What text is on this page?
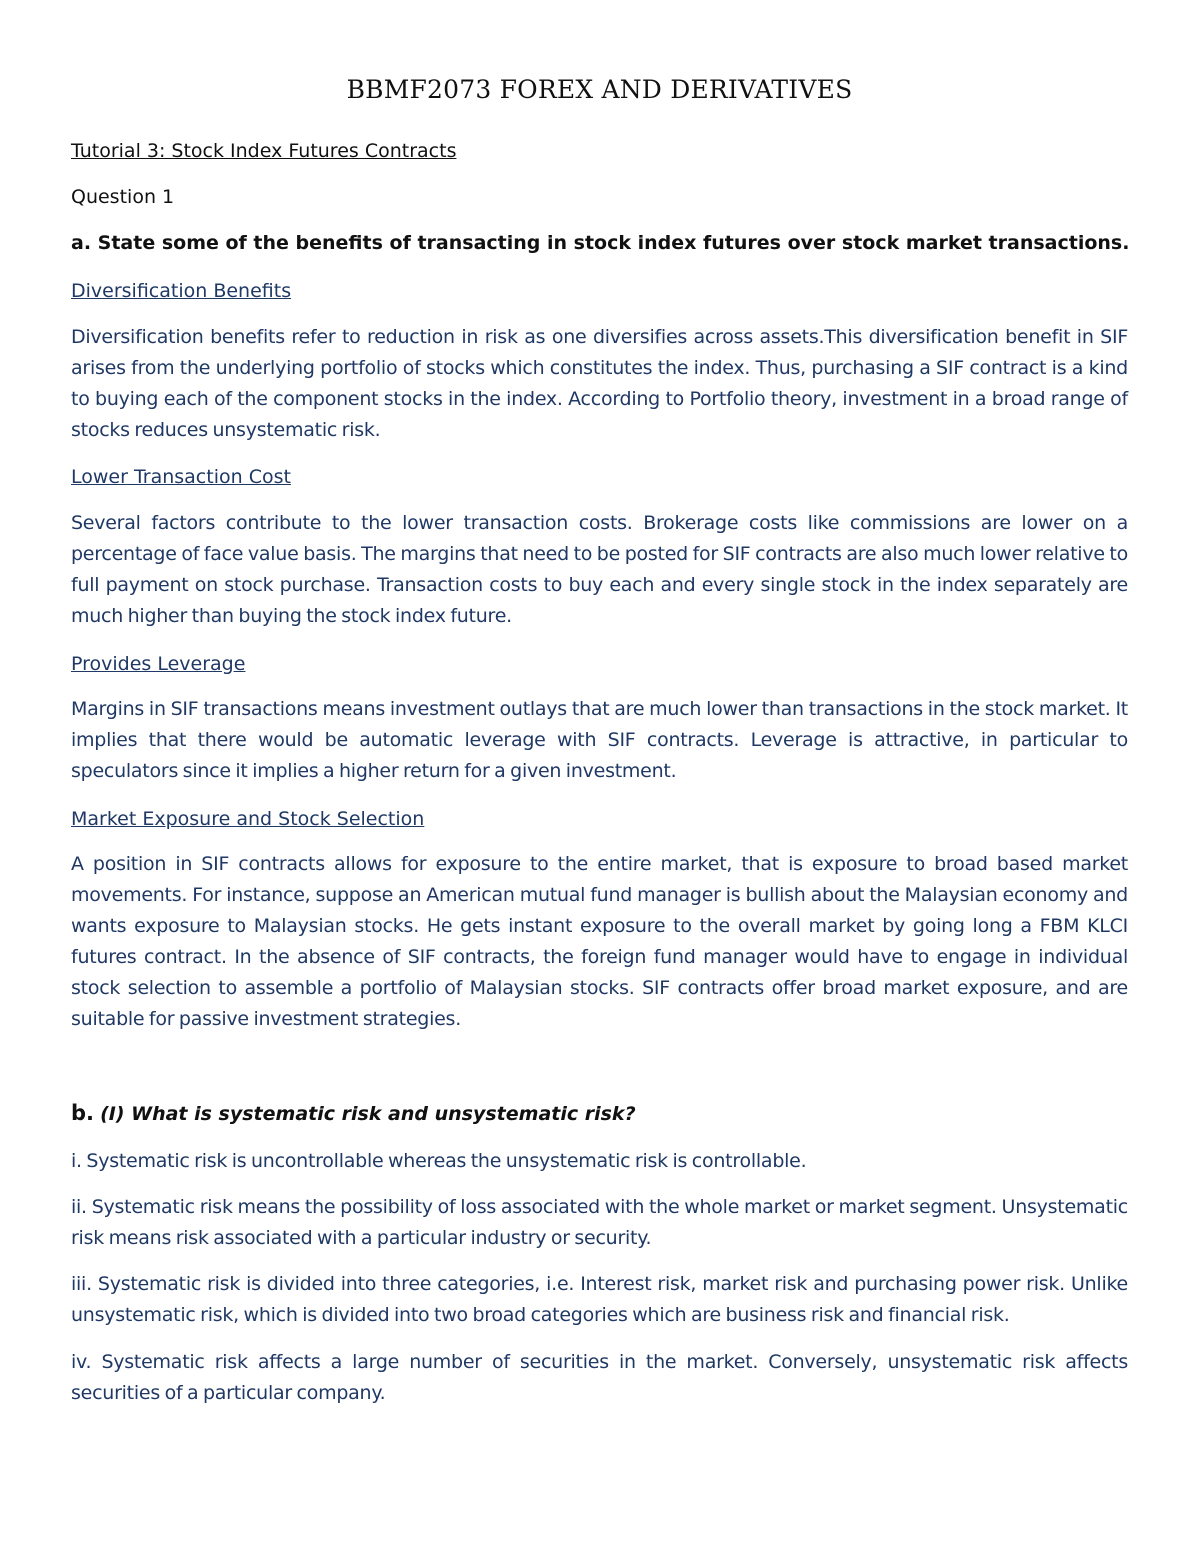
BBMF2073 FOREX AND DERIVATIVES
Tutorial 3: Stock Index Futures Contracts
Question 1
a. State some of the benefits of transacting in stock index futures over stock market transactions.
Diversification Benefits
Diversification benefits refer to reduction in risk as one diversifies across assets.This diversification benefit in SIF arises from the underlying portfolio of stocks which constitutes the index. Thus, purchasing a SIF contract is a kind to buying each of the component stocks in the index. According to Portfolio theory, investment in a broad range of stocks reduces unsystematic risk.
Lower Transaction Cost
Several factors contribute to the lower transaction costs. Brokerage costs like commissions are lower on a percentage of face value basis. The margins that need to be posted for SIF contracts are also much lower relative to full payment on stock purchase. Transaction costs to buy each and every single stock in the index separately are much higher than buying the stock index future.
Provides Leverage
Margins in SIF transactions means investment outlays that are much lower than transactions in the stock market. It implies that there would be automatic leverage with SIF contracts. Leverage is attractive, in particular to speculators since it implies a higher return for a given investment.
Market Exposure and Stock Selection
A position in SIF contracts allows for exposure to the entire market, that is exposure to broad based market movements. For instance, suppose an American mutual fund manager is bullish about the Malaysian economy and wants exposure to Malaysian stocks. He gets instant exposure to the overall market by going long a FBM KLCI futures contract. In the absence of SIF contracts, the foreign fund manager would have to engage in individual stock selection to assemble a portfolio of Malaysian stocks. SIF contracts offer broad market exposure, and are suitable for passive investment strategies.
b. (I) What is systematic risk and unsystematic risk?
i. Systematic risk is uncontrollable whereas the unsystematic risk is controllable.
ii. Systematic risk means the possibility of loss associated with the whole market or market segment. Unsystematic risk means risk associated with a particular industry or security.
iii. Systematic risk is divided into three categories, i.e. Interest risk, market risk and purchasing power risk. Unlike unsystematic risk, which is divided into two broad categories which are business risk and financial risk.
iv. Systematic risk affects a large number of securities in the market. Conversely, unsystematic risk affects securities of a particular company.
